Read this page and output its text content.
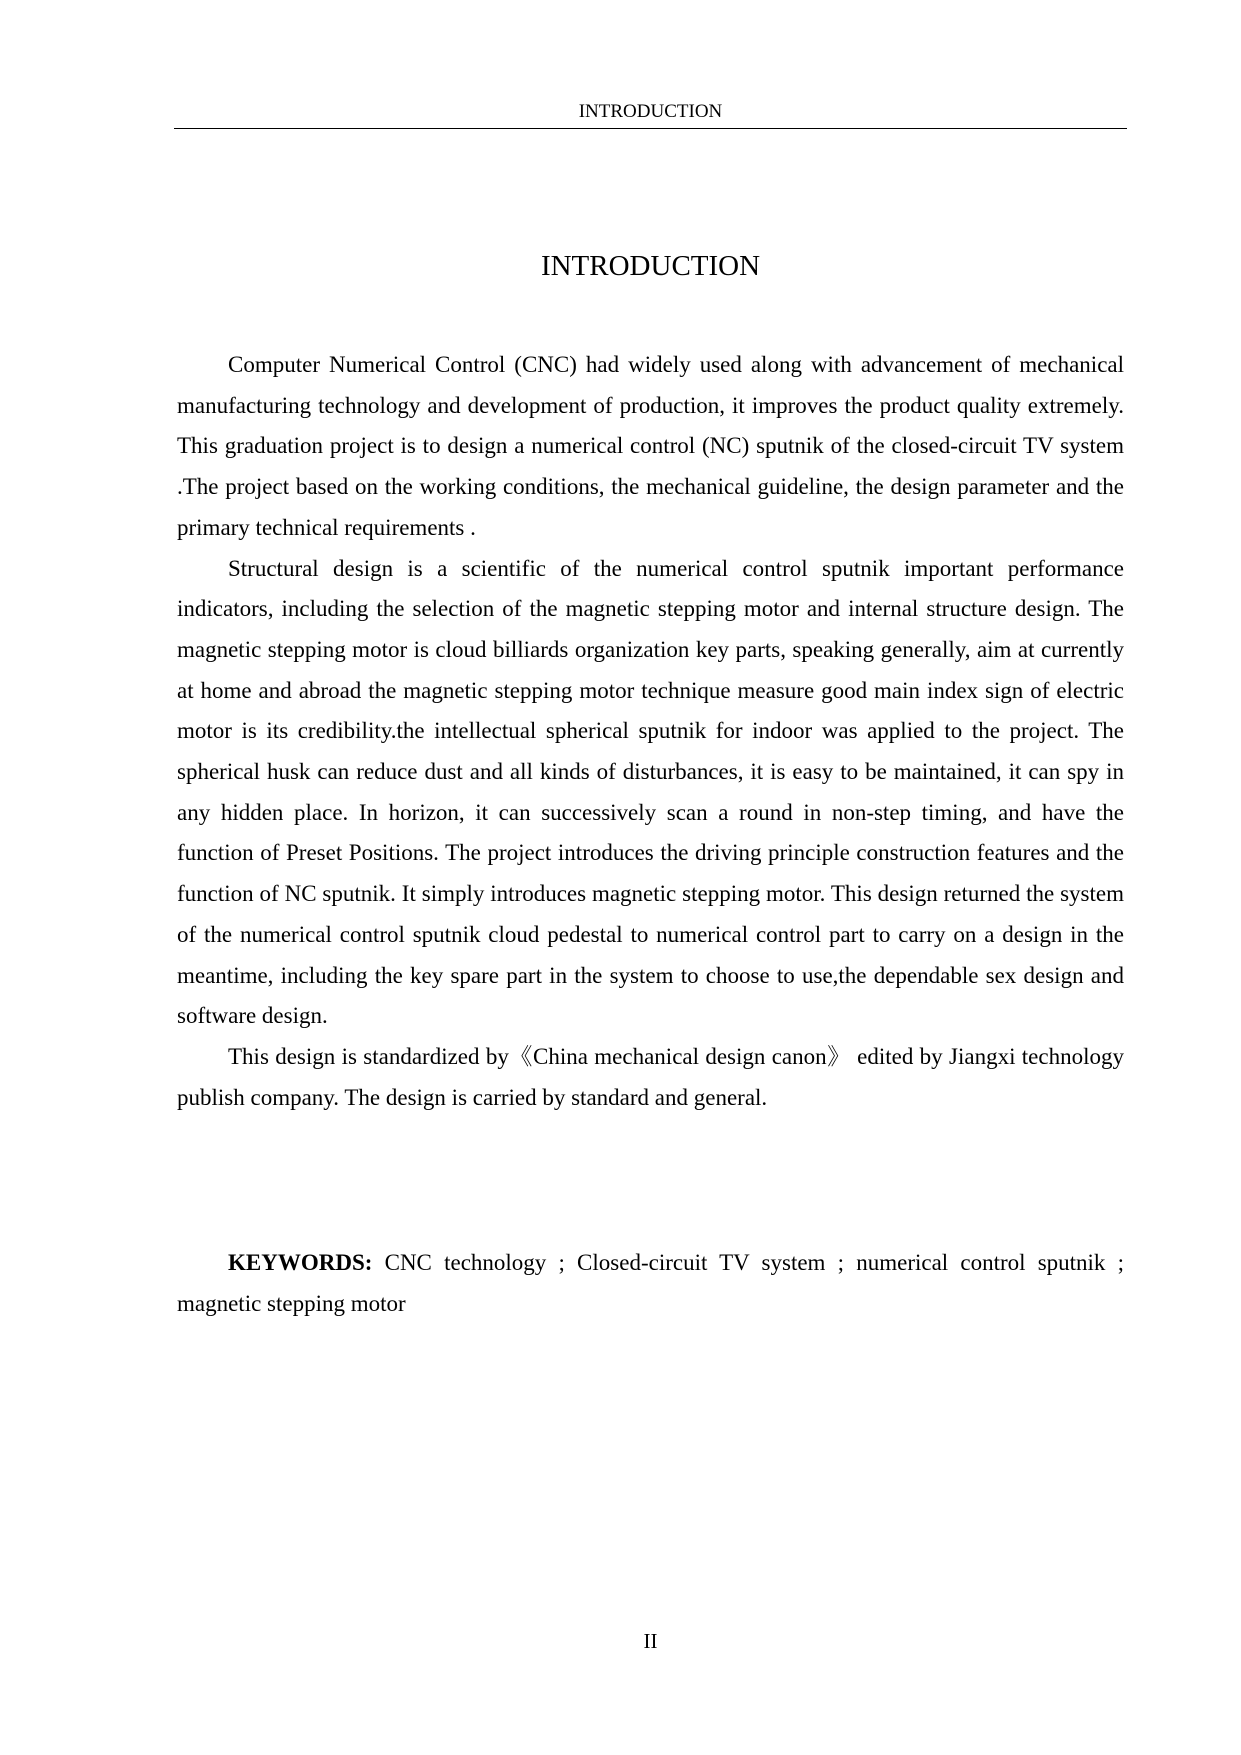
INTRODUCTION
INTRODUCTION

Computer Numerical Control (CNC) had widely used along with advancement of mechanical manufacturing technology and development of production, it improves the product quality extremely. This graduation project is to design a numerical control (NC) sputnik of the closed-circuit TV system .The project based on the working conditions, the mechanical guideline, the design parameter and the primary technical requirements .

Structural design is a scientific of the numerical control sputnik important performance indicators, including the selection of the magnetic stepping motor and internal structure design. The magnetic stepping motor is cloud billiards organization key parts, speaking generally, aim at currently at home and abroad the magnetic stepping motor technique measure good main index sign of electric motor is its credibility.the intellectual spherical sputnik for indoor was applied to the project. The spherical husk can reduce dust and all kinds of disturbances, it is easy to be maintained, it can spy in any hidden place. In horizon, it can successively scan a round in non-step timing, and have the function of Preset Positions. The project introduces the driving principle construction features and the function of NC sputnik. It simply introduces magnetic stepping motor. This design returned the system of the numerical control sputnik cloud pedestal to numerical control part to carry on a design in the meantime, including the key spare part in the system to choose to use,the dependable sex design and software design.

This design is standardized by《China mechanical design canon》 edited by Jiangxi technology publish company. The design is carried by standard and general.

KEYWORDS: CNC technology ; Closed-circuit TV system ; numerical control sputnik ; magnetic stepping motor

II
